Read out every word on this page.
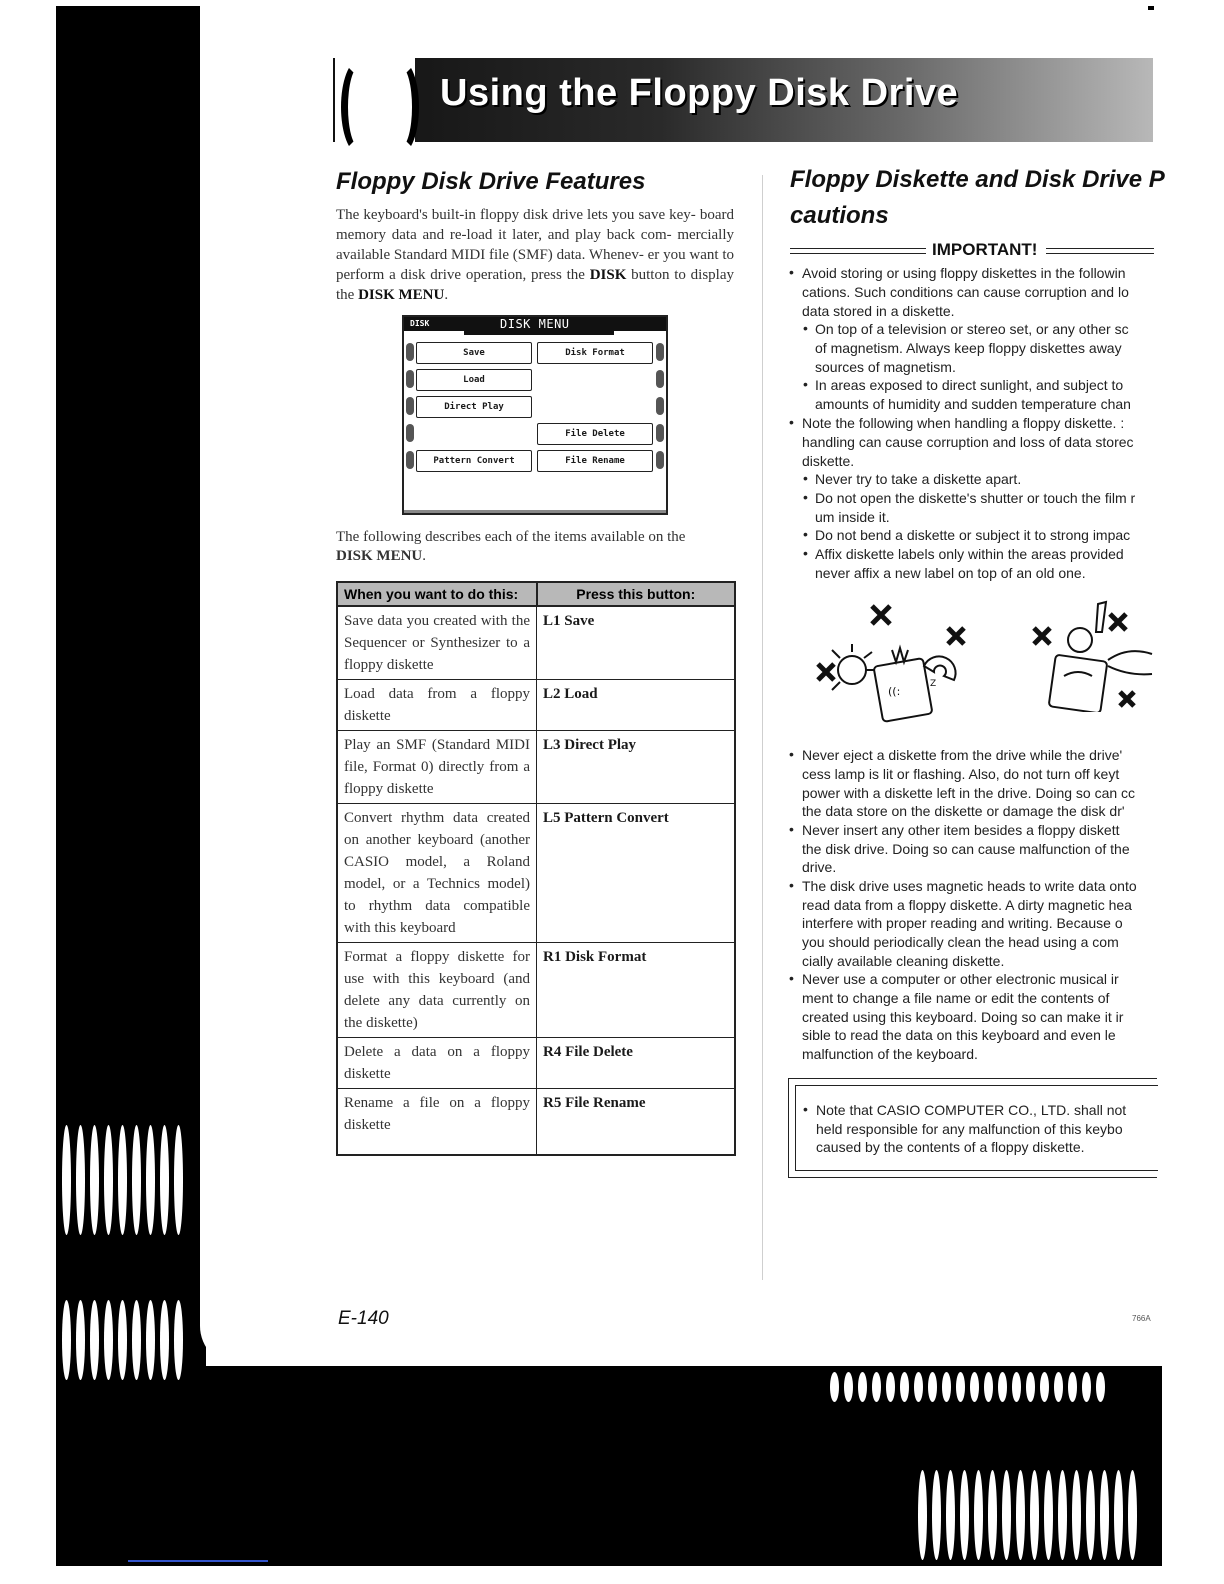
Using the Floppy Disk Drive
Floppy Disk Drive Features
The keyboard's built-in floppy disk drive lets you save key- board memory data and re-load it later, and play back com- mercially available Standard MIDI file (SMF) data. Whenev- er you want to perform a disk drive operation, press the DISK button to display the DISK MENU.
DISK	DISK MENU
Save
Load
Direct Play
Pattern Convert
Disk Format
File Delete
File Rename
The following describes each of the items available on the
DISK MENU.
When you want to do this:	Press this button:
Save data you created with the Sequencer or Synthesizer to a floppy diskette	L1 Save
Load data from a floppy diskette	L2 Load
Play an SMF (Standard MIDI file, Format 0) directly from a floppy diskette	L3 Direct Play
Convert rhythm data created on another keyboard (another CASIO model, a Roland model, or a Technics model) to rhythm data compatible with this keyboard	L5 Pattern Convert
Format a floppy diskette for use with this keyboard (and delete any data currently on the diskette)	R1 Disk Format
Delete a data on a floppy diskette	R4 File Delete
Rename a file on a floppy diskette	R5 File Rename
E-140
Floppy Diskette and Disk Drive P
cautions
IMPORTANT!
• Avoid storing or using floppy diskettes in the followin
cations. Such conditions can cause corruption and lo
data stored in a diskette.
• On top of a television or stereo set, or any other sc
of magnetism. Always keep floppy diskettes away
sources of magnetism.
• In areas exposed to direct sunlight, and subject to
amounts of humidity and sudden temperature chan
• Note the following when handling a floppy diskette. :
handling can cause corruption and loss of data storec
diskette.
• Never try to take a diskette apart.
• Do not open the diskette's shutter or touch the film r
um inside it.
• Do not bend a diskette or subject it to strong impac
• Affix diskette labels only within the areas provided
never affix a new label on top of an old one.
((:
Z
• Never eject a diskette from the drive while the drive'
cess lamp is lit or flashing. Also, do not turn off keyt
power with a diskette left in the drive. Doing so can cc
the data store on the diskette or damage the disk dr'
• Never insert any other item besides a floppy diskett
the disk drive. Doing so can cause malfunction of the
drive.
• The disk drive uses magnetic heads to write data onto
read data from a floppy diskette. A dirty magnetic hea
interfere with proper reading and writing. Because o
you should periodically clean the head using a com
cially available cleaning diskette.
• Never use a computer or other electronic musical ir
ment to change a file name or edit the contents of
created using this keyboard. Doing so can make it ir
sible to read the data on this keyboard and even le
malfunction of the keyboard.
• Note that CASIO COMPUTER CO., LTD. shall not
held responsible for any malfunction of this keybo
caused by the contents of a floppy diskette.
766A
